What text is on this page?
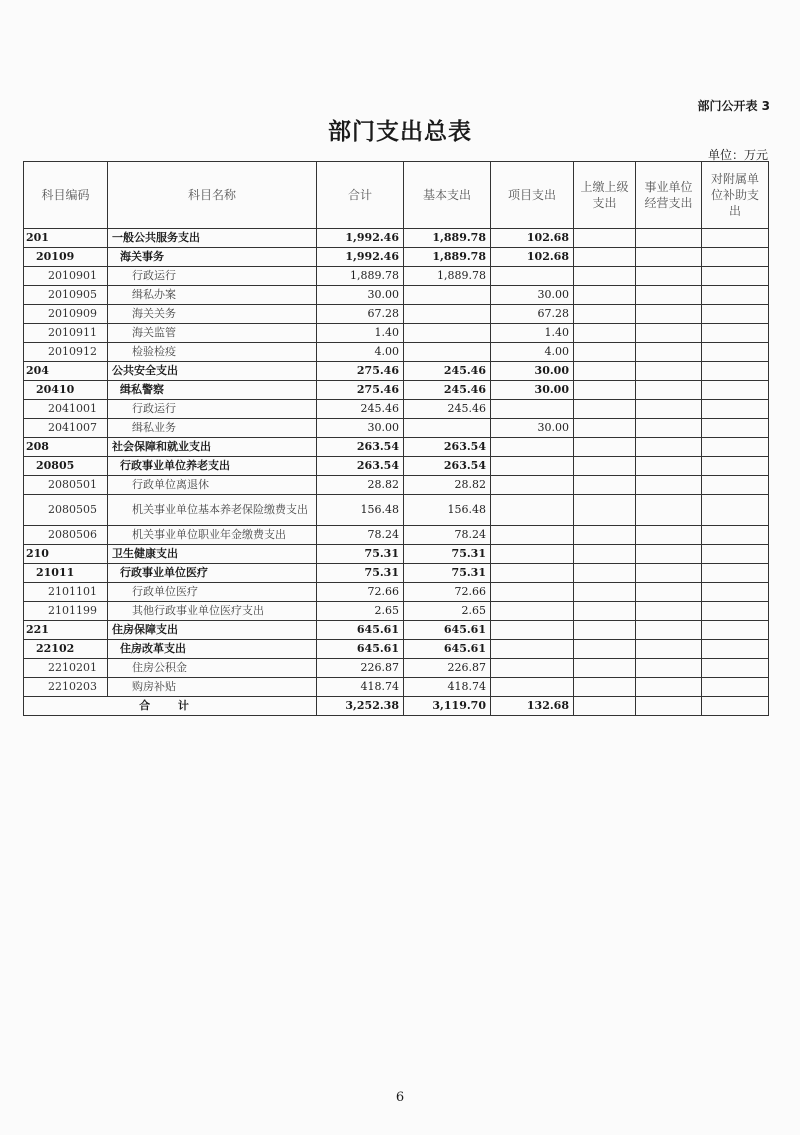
部门公开表 3
部门支出总表
单位：万元
科目编码	科目名称	合计	基本支出	项目支出	上缴上级支出	事业单位经营支出	对附属单位补助支出
201	一般公共服务支出	1,992.46	1,889.78	102.68			
20109	海关事务	1,992.46	1,889.78	102.68			
2010901	行政运行	1,889.78	1,889.78				
2010905	缉私办案	30.00		30.00			
2010909	海关关务	67.28		67.28			
2010911	海关监管	1.40		1.40			
2010912	检验检疫	4.00		4.00			
204	公共安全支出	275.46	245.46	30.00			
20410	缉私警察	275.46	245.46	30.00			
2041001	行政运行	245.46	245.46				
2041007	缉私业务	30.00		30.00			
208	社会保障和就业支出	263.54	263.54				
20805	行政事业单位养老支出	263.54	263.54				
2080501	行政单位离退休	28.82	28.82				
2080505	机关事业单位基本养老保险缴费支出	156.48	156.48				
2080506	机关事业单位职业年金缴费支出	78.24	78.24				
210	卫生健康支出	75.31	75.31				
21011	行政事业单位医疗	75.31	75.31				
2101101	行政单位医疗	72.66	72.66				
2101199	其他行政事业单位医疗支出	2.65	2.65				
221	住房保障支出	645.61	645.61				
22102	住房改革支出	645.61	645.61				
2210201	住房公积金	226.87	226.87				
2210203	购房补贴	418.74	418.74				
合 计		3,252.38	3,119.70	132.68			
6
